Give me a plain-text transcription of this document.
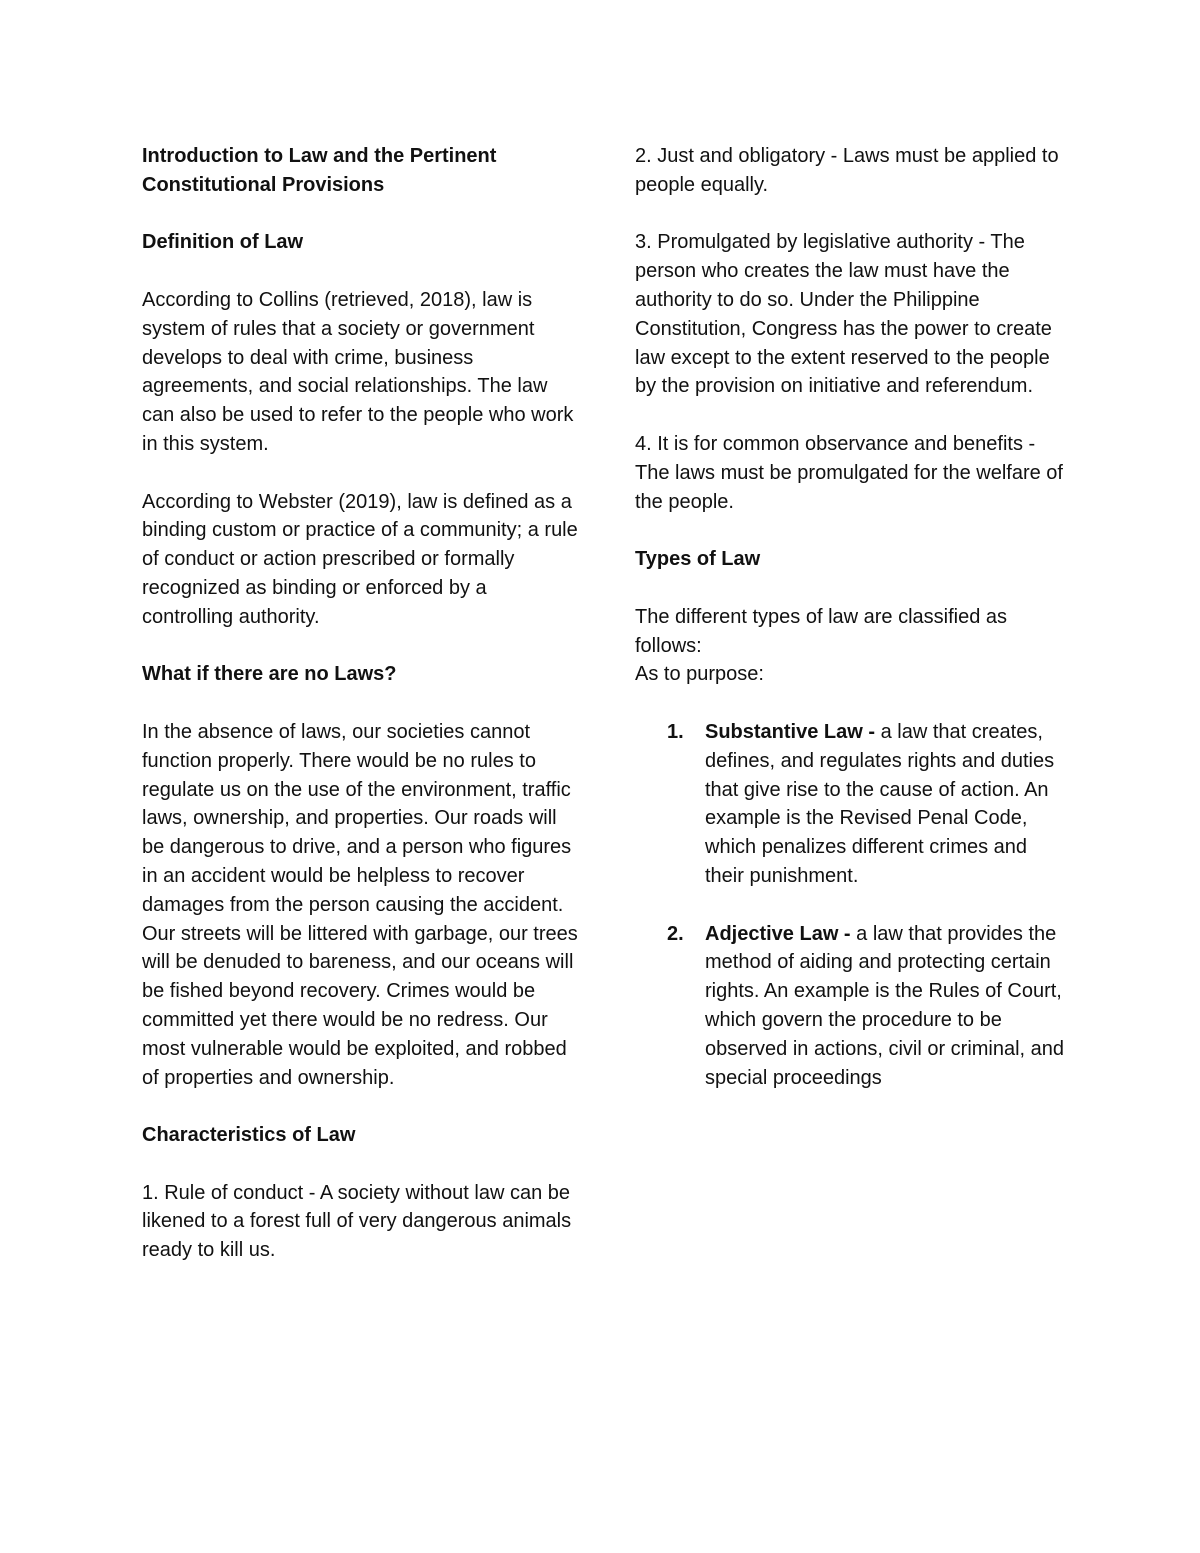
Introduction to Law and the Pertinent
Constitutional Provisions

Definition of Law

According to Collins (retrieved, 2018), law is system of rules that a society or government develops to deal with crime, business agreements, and social relationships. The law can also be used to refer to the people who work in this system.

According to Webster (2019), law is defined as a binding custom or practice of a community; a rule of conduct or action prescribed or formally recognized as binding or enforced by a controlling authority.

What if there are no Laws?

In the absence of laws, our societies cannot function properly. There would be no rules to regulate us on the use of the environment, traffic laws, ownership, and properties. Our roads will be dangerous to drive, and a person who figures in an accident would be helpless to recover damages from the person causing the accident. Our streets will be littered with garbage, our trees will be denuded to bareness, and our oceans will be fished beyond recovery. Crimes would be committed yet there would be no redress. Our most vulnerable would be exploited, and robbed of properties and ownership.

Characteristics of Law

1. Rule of conduct - A society without law can be likened to a forest full of very dangerous animals ready to kill us.

2. Just and obligatory - Laws must be applied to people equally.

3. Promulgated by legislative authority - The person who creates the law must have the authority to do so. Under the Philippine Constitution, Congress has the power to create law except to the extent reserved to the people by the provision on initiative and referendum.

4. It is for common observance and benefits - The laws must be promulgated for the welfare of the people.

Types of Law

The different types of law are classified as follows:

As to purpose:

1. Substantive Law - a law that creates, defines, and regulates rights and duties that give rise to the cause of action. An example is the Revised Penal Code, which penalizes different crimes and their punishment.
2. Adjective Law - a law that provides the method of aiding and protecting certain rights. An example is the Rules of Court, which govern the procedure to be observed in actions, civil or criminal, and special proceedings
